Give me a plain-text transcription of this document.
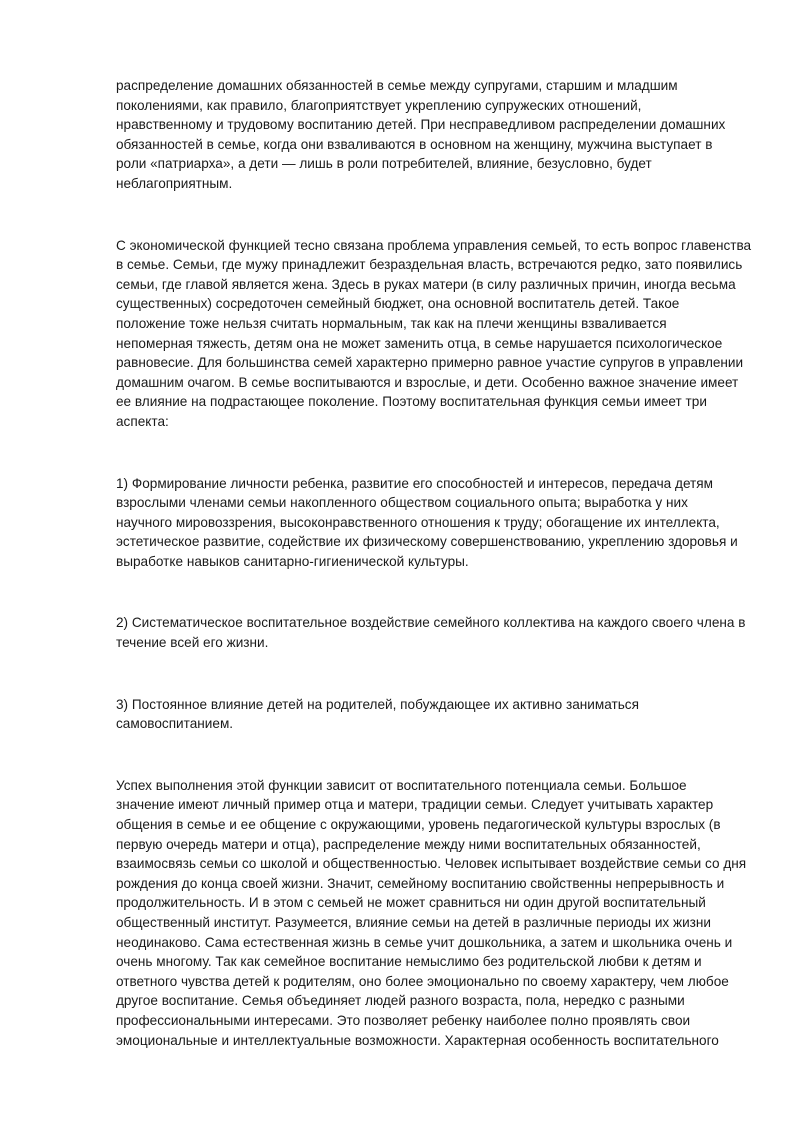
распределение домашних обязанностей в семье между супругами, старшим и младшим
поколениями, как правило, благоприятствует укреплению супружеских отношений,
нравственному и трудовому воспитанию детей. При несправедливом распределении домашних
обязанностей в семье, когда они взваливаются в основном на женщину, мужчина выступает в
роли «патриарха», а дети — лишь в роли потребителей, влияние, безусловно, будет
неблагоприятным.

С экономической функцией тесно связана проблема управления семьей, то есть вопрос главенства
в семье. Семьи, где мужу принадлежит безраздельная власть, встречаются редко, зато появились
семьи, где главой является жена. Здесь в руках матери (в силу различных причин, иногда весьма
существенных) сосредоточен семейный бюджет, она основной воспитатель детей. Такое
положение тоже нельзя считать нормальным, так как на плечи женщины взваливается
непомерная тяжесть, детям она не может заменить отца, в семье нарушается психологическое
равновесие. Для большинства семей характерно примерно равное участие супругов в управлении
домашним очагом. В семье воспитываются и взрослые, и дети. Особенно важное значение имеет
ее влияние на подрастающее поколение. Поэтому воспитательная функция семьи имеет три
аспекта:

1) Формирование личности ребенка, развитие его способностей и интересов, передача детям
взрослыми членами семьи накопленного обществом социального опыта; выработка у них
научного мировоззрения, высоконравственного отношения к труду; обогащение их интеллекта,
эстетическое развитие, содействие их физическому совершенствованию, укреплению здоровья и
выработке навыков санитарно-гигиенической культуры.

2) Систематическое воспитательное воздействие семейного коллектива на каждого своего члена в
течение всей его жизни.

3) Постоянное влияние детей на родителей, побуждающее их активно заниматься
самовоспитанием.

Успех выполнения этой функции зависит от воспитательного потенциала семьи. Большое
значение имеют личный пример отца и матери, традиции семьи. Следует учитывать характер
общения в семье и ее общение с окружающими, уровень педагогической культуры взрослых (в
первую очередь матери и отца), распределение между ними воспитательных обязанностей,
взаимосвязь семьи со школой и общественностью. Человек испытывает воздействие семьи со дня
рождения до конца своей жизни. Значит, семейному воспитанию свойственны непрерывность и
продолжительность. И в этом с семьей не может сравниться ни один другой воспитательный
общественный институт. Разумеется, влияние семьи на детей в различные периоды их жизни
неодинаково. Сама естественная жизнь в семье учит дошкольника, а затем и школьника очень и
очень многому. Так как семейное воспитание немыслимо без родительской любви к детям и
ответного чувства детей к родителям, оно более эмоционально по своему характеру, чем любое
другое воспитание. Семья объединяет людей разного возраста, пола, нередко с разными
профессиональными интересами. Это позволяет ребенку наиболее полно проявлять свои
эмоциональные и интеллектуальные возможности. Характерная особенность воспитательного
